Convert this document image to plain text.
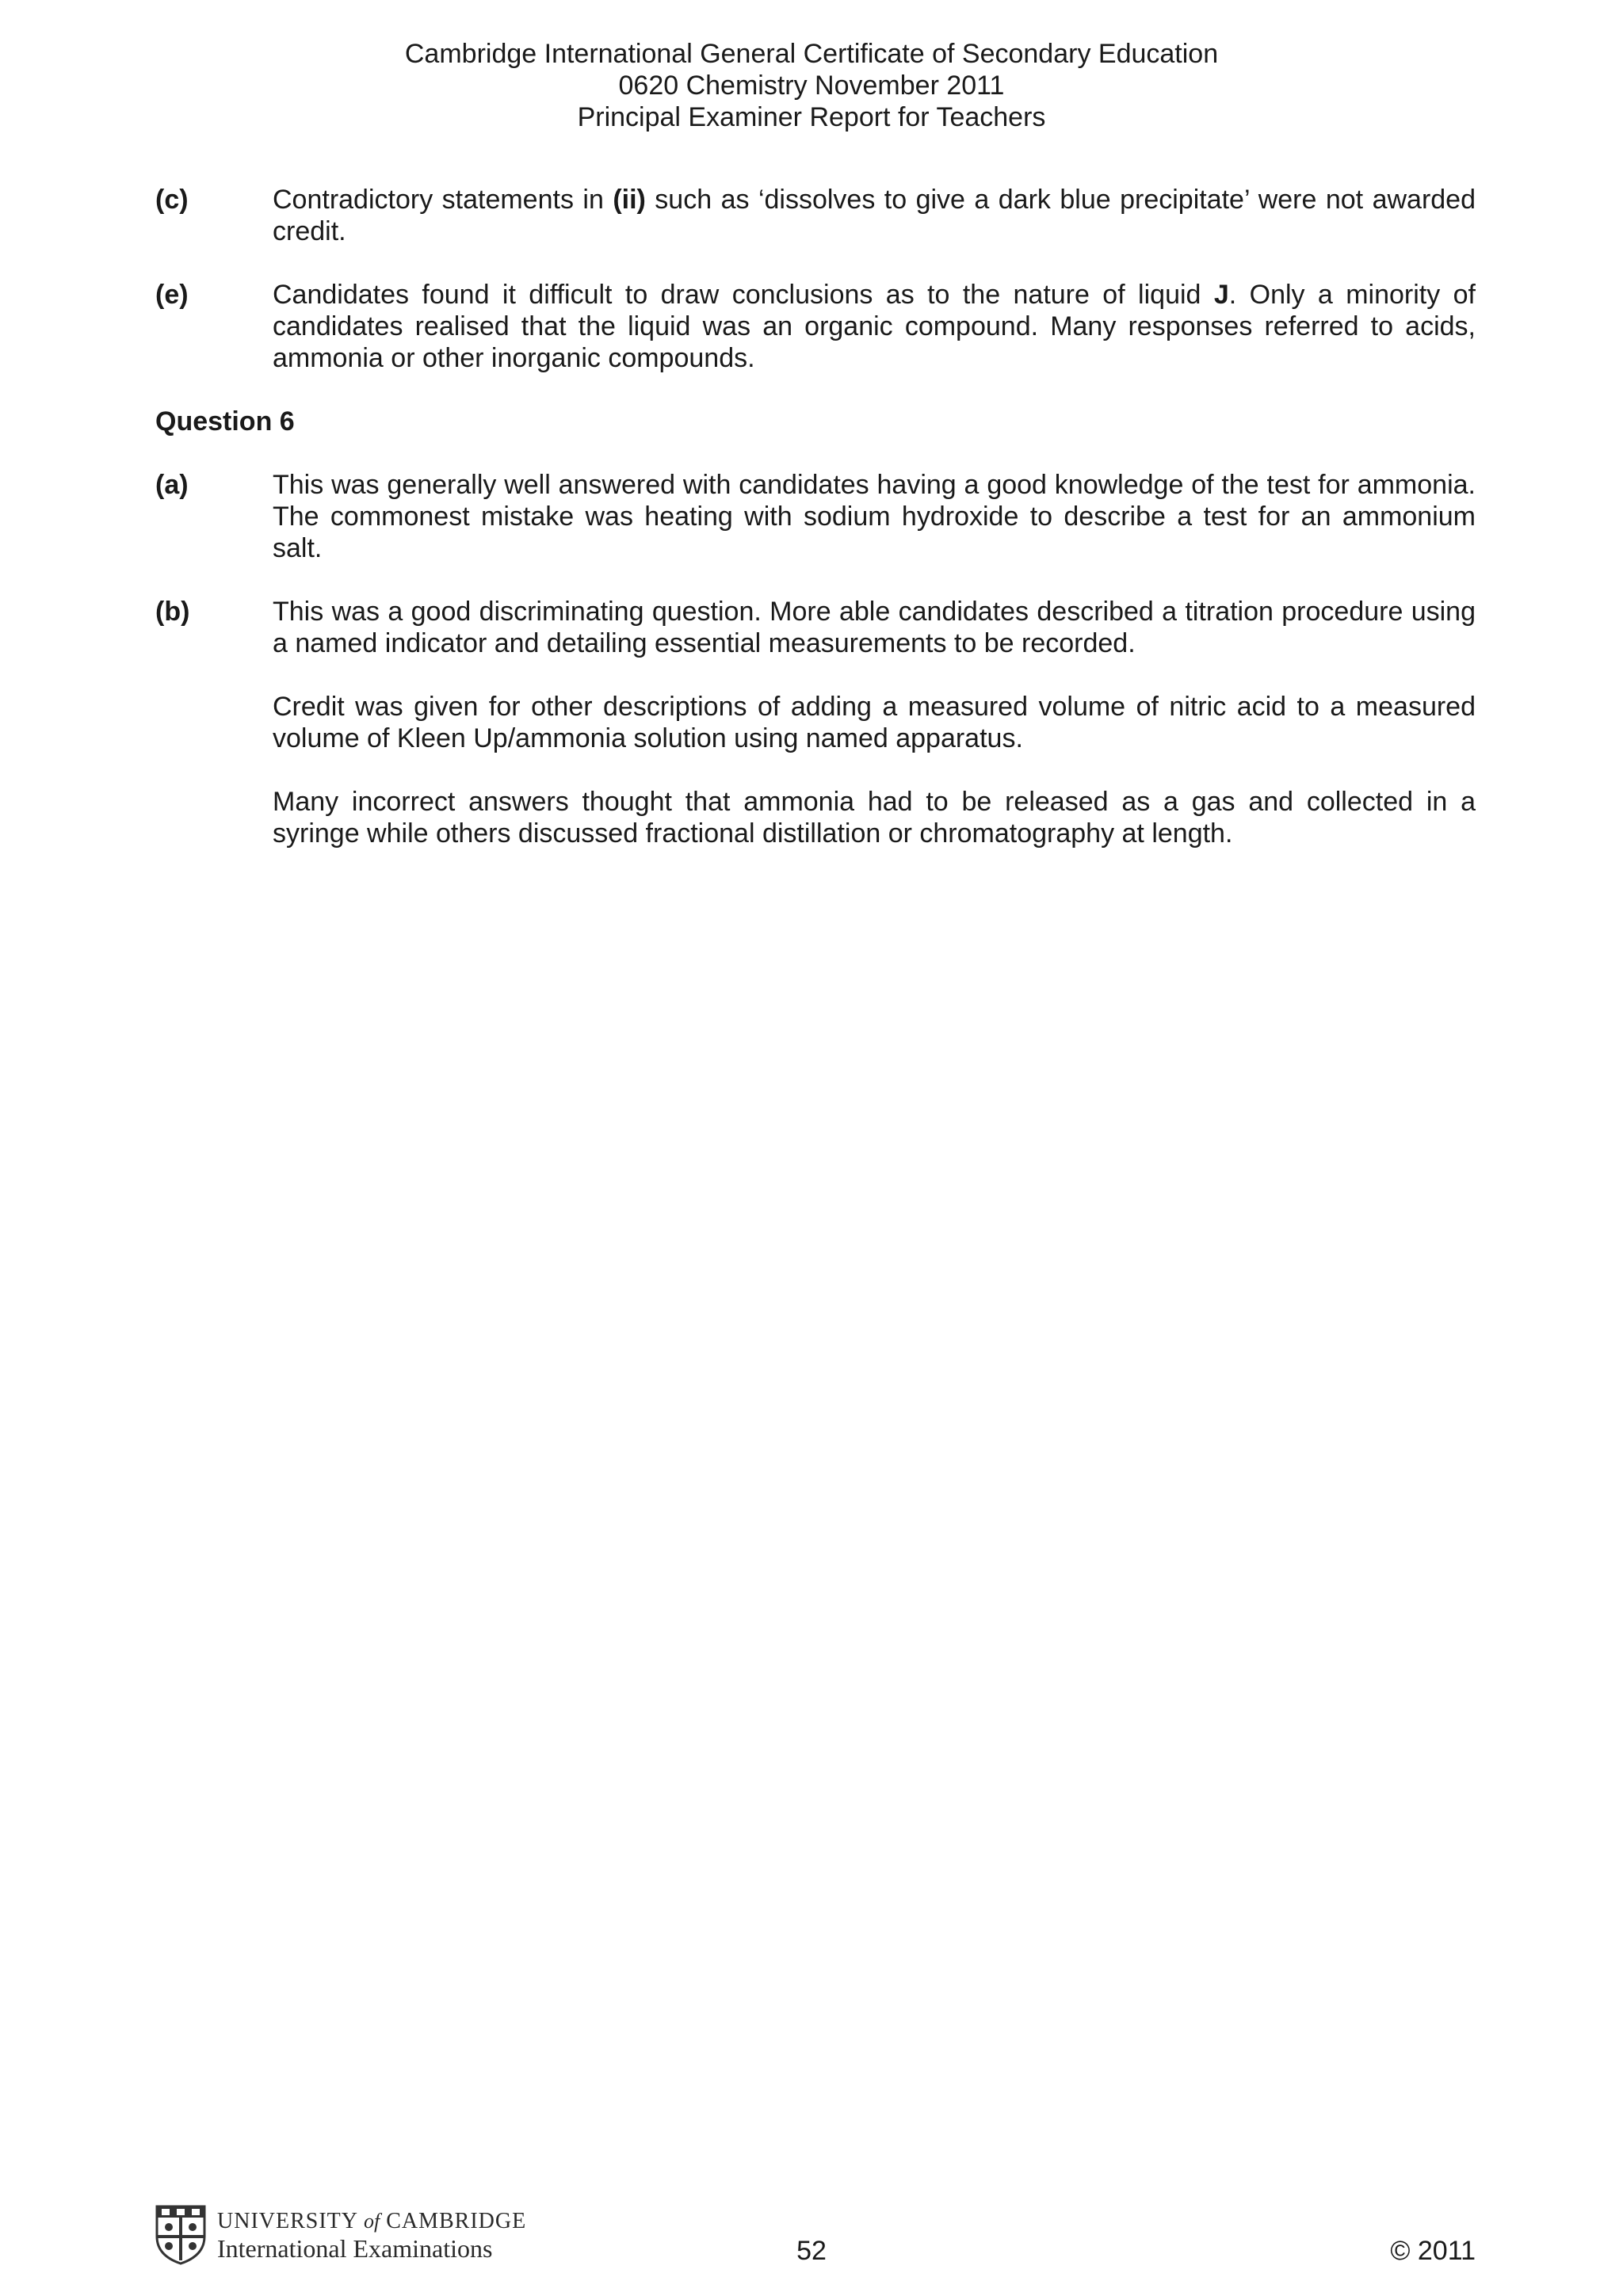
Cambridge International General Certificate of Secondary Education
0620 Chemistry November 2011
Principal Examiner Report for Teachers
(c)	Contradictory statements in (ii) such as ‘dissolves to give a dark blue precipitate’ were not awarded credit.

(e)	Candidates found it difficult to draw conclusions as to the nature of liquid J. Only a minority of candidates realised that the liquid was an organic compound. Many responses referred to acids, ammonia or other inorganic compounds.

Question 6
(a)	This was generally well answered with candidates having a good knowledge of the test for ammonia. The commonest mistake was heating with sodium hydroxide to describe a test for an ammonium salt.

(b)	This was a good discriminating question. More able candidates described a titration procedure using a named indicator and detailing essential measurements to be recorded.

Credit was given for other descriptions of adding a measured volume of nitric acid to a measured volume of Kleen Up/ammonia solution using named apparatus.

Many incorrect answers thought that ammonia had to be released as a gas and collected in a syringe while others discussed fractional distillation or chromatography at length.

UNIVERSITY of CAMBRIDGE
International Examinations	52	© 2011
